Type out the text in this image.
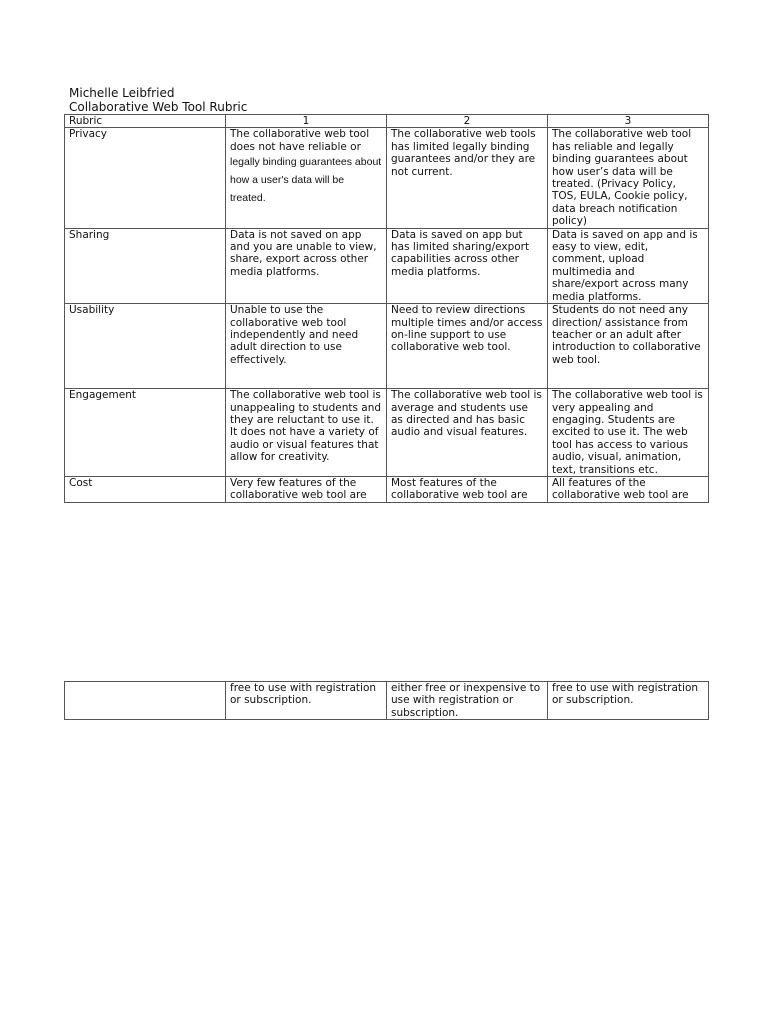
Michelle Leibfried
Collaborative Web Tool Rubric
Rubric	1	2	3
Privacy	The collaborative web tool does not have reliable or legally binding guarantees about how a user's data will be treated.	The collaborative web tools has limited legally binding guarantees and/or they are not current.	The collaborative web tool has reliable and legally binding guarantees about how user’s data will be treated. (Privacy Policy, TOS, EULA, Cookie policy, data breach notification policy)
Sharing	Data is not saved on app and you are unable to view, share, export across other media platforms.	Data is saved on app but has limited sharing/export capabilities across other media platforms.	Data is saved on app and is easy to view, edit, comment, upload multimedia and share/export across many media platforms.
Usability	Unable to use the collaborative web tool independently and need adult direction to use effectively.	Need to review directions multiple times and/or access on-line support to use collaborative web tool.	Students do not need any direction/ assistance from teacher or an adult after introduction to collaborative web tool.
Engagement	The collaborative web tool is unappealing to students and they are reluctant to use it. It does not have a variety of audio or visual features that allow for creativity.	The collaborative web tool is average and students use as directed and has basic audio and visual features.	The collaborative web tool is very appealing and engaging. Students are excited to use it. The web tool has access to various audio, visual, animation, text, transitions etc.
Cost	Very few features of the collaborative web tool are	Most features of the collaborative web tool are	All features of the collaborative web tool are
	free to use with registration or subscription.	either free or inexpensive to use with registration or subscription.	free to use with registration or subscription.
